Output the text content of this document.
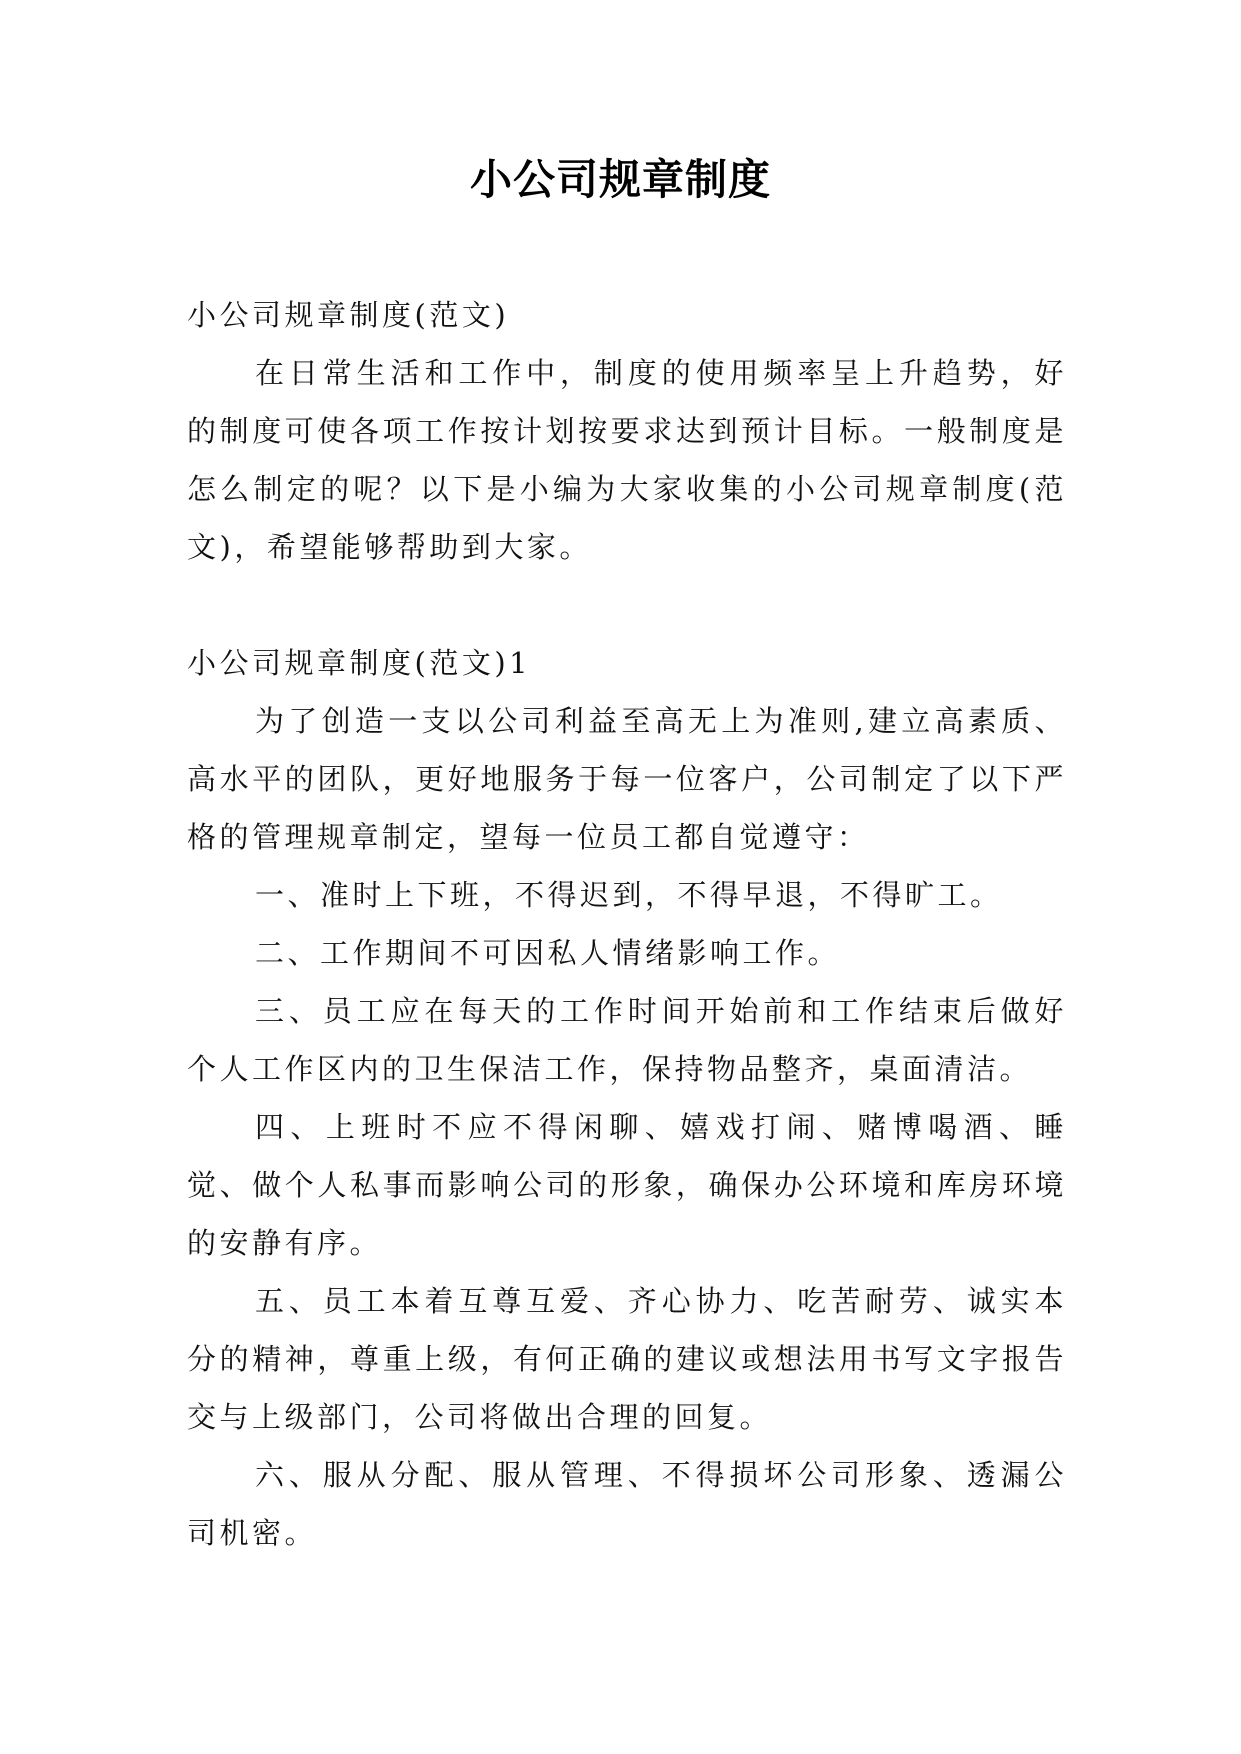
小公司规章制度

小公司规章制度(范文)

在日常生活和工作中，制度的使用频率呈上升趋势，好的制度可使各项工作按计划按要求达到预计目标。一般制度是怎么制定的呢？以下是小编为大家收集的小公司规章制度(范文)，希望能够帮助到大家。

小公司规章制度(范文)1

为了创造一支以公司利益至高无上为准则,建立高素质、高水平的团队，更好地服务于每一位客户，公司制定了以下严格的管理规章制定，望每一位员工都自觉遵守：

一、准时上下班，不得迟到，不得早退，不得旷工。

二、工作期间不可因私人情绪影响工作。

三、员工应在每天的工作时间开始前和工作结束后做好个人工作区内的卫生保洁工作，保持物品整齐，桌面清洁。

四、上班时不应不得闲聊、嬉戏打闹、赌博喝酒、睡觉、做个人私事而影响公司的形象，确保办公环境和库房环境的安静有序。

五、员工本着互尊互爱、齐心协力、吃苦耐劳、诚实本分的精神，尊重上级，有何正确的建议或想法用书写文字报告交与上级部门，公司将做出合理的回复。

六、服从分配、服从管理、不得损坏公司形象、透漏公司机密。
